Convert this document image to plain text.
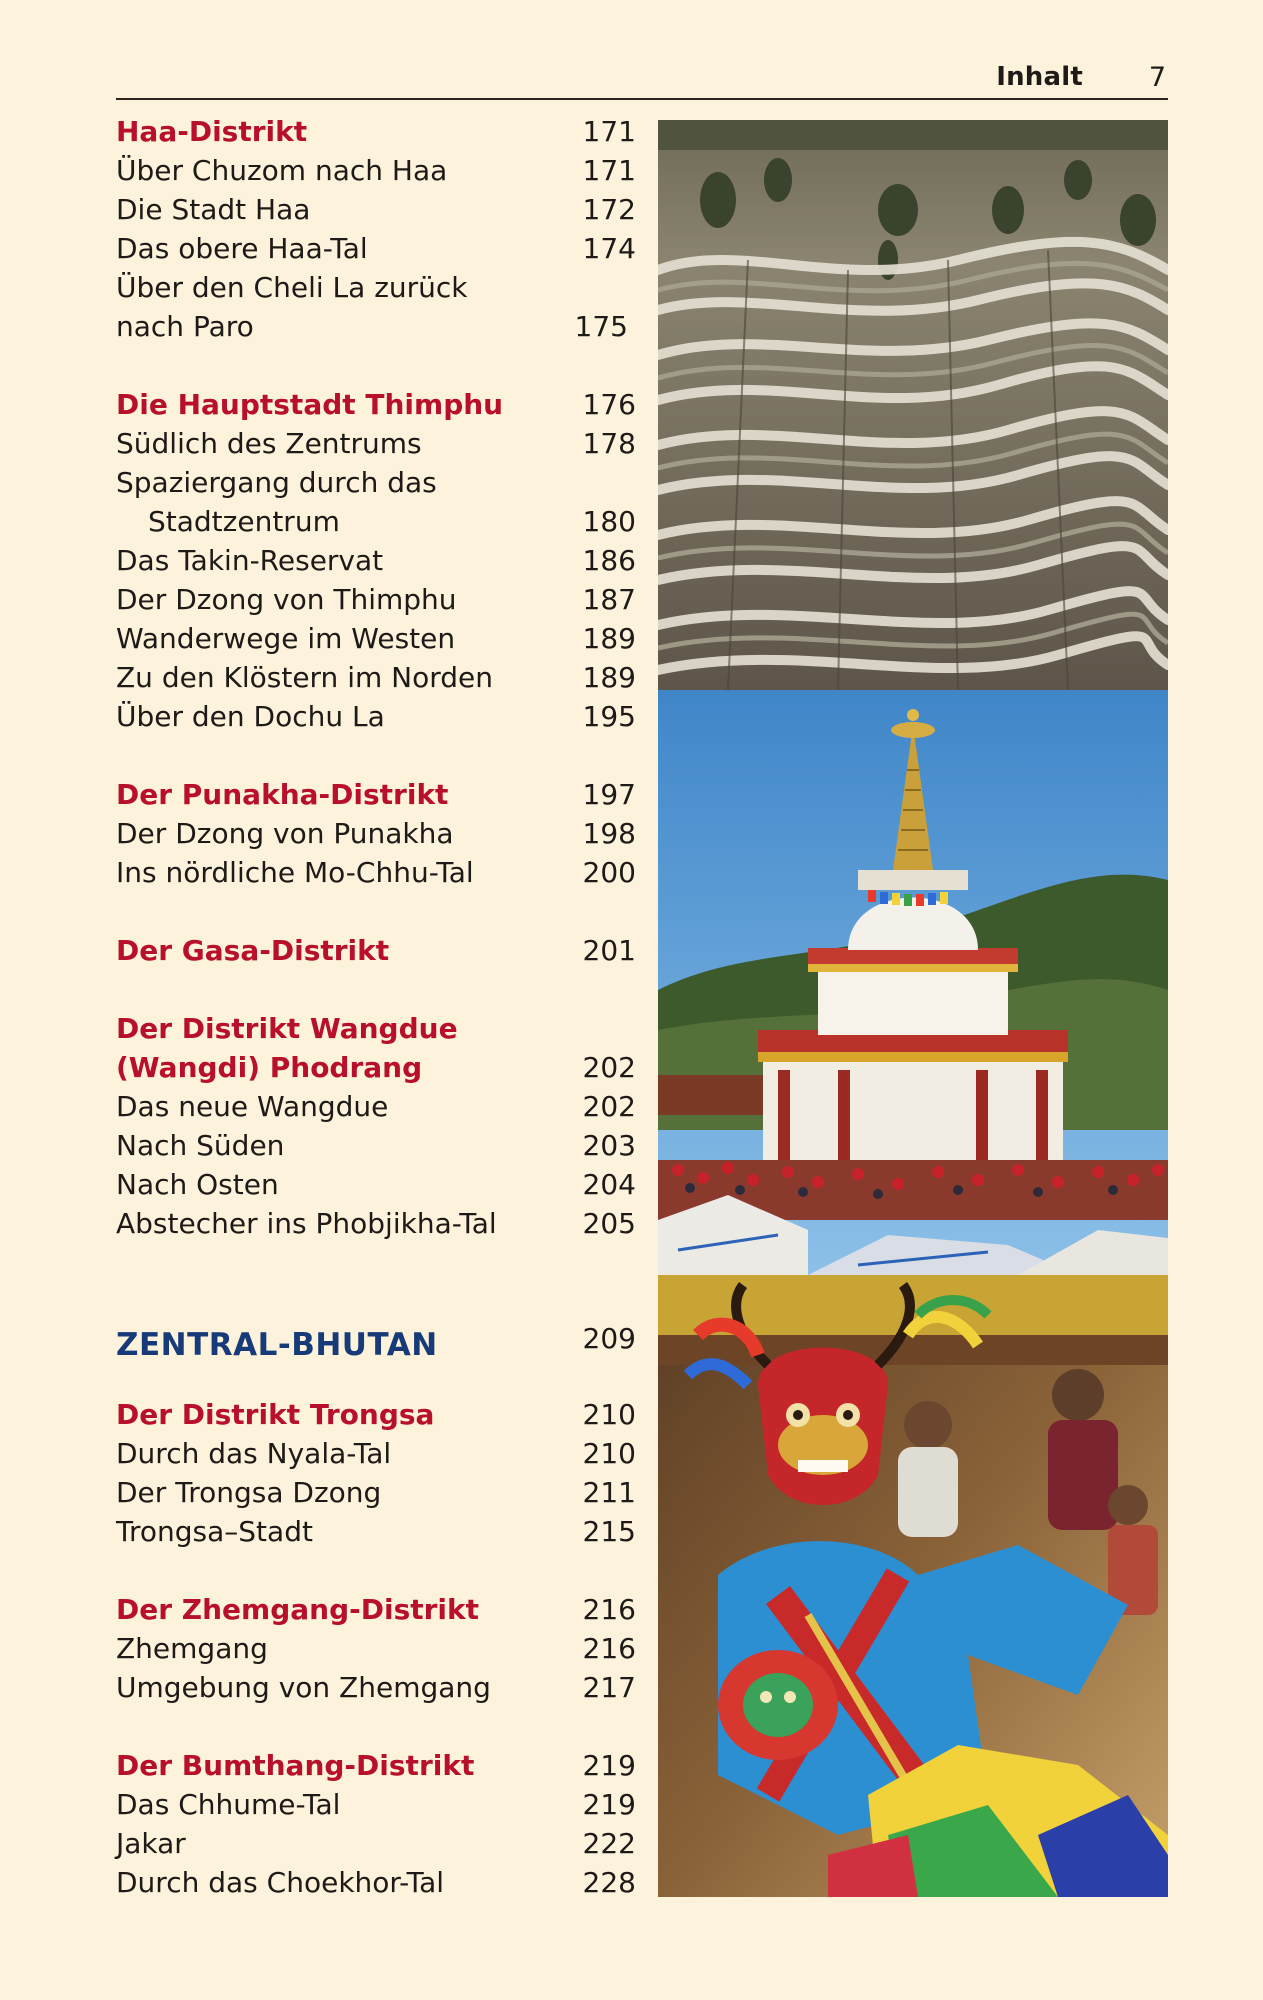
Inhalt 7
Haa-Distrikt	171
Über Chuzom nach Haa	171
Die Stadt Haa	172
Das obere Haa-Tal	174
Über den Cheli La zurück
nach Paro	175
Die Hauptstadt Thimphu	176
Südlich des Zentrums	178
Spaziergang durch das
Stadtzentrum	180
Das Takin-Reservat	186
Der Dzong von Thimphu	187
Wanderwege im Westen	189
Zu den Klöstern im Norden	189
Über den Dochu La	195
Der Punakha-Distrikt	197
Der Dzong von Punakha	198
Ins nördliche Mo-Chhu-Tal	200
Der Gasa-Distrikt	201
Der Distrikt Wangdue
(Wangdi) Phodrang	202
Das neue Wangdue	202
Nach Süden	203
Nach Osten	204
Abstecher ins Phobjikha-Tal	205
ZENTRAL-BHUTAN	209
Der Distrikt Trongsa	210
Durch das Nyala-Tal	210
Der Trongsa Dzong	211
Trongsa–Stadt	215
Der Zhemgang-Distrikt	216
Zhemgang	216
Umgebung von Zhemgang	217
Der Bumthang-Distrikt	219
Das Chhume-Tal	219
Jakar	222
Durch das Choekhor-Tal	228
